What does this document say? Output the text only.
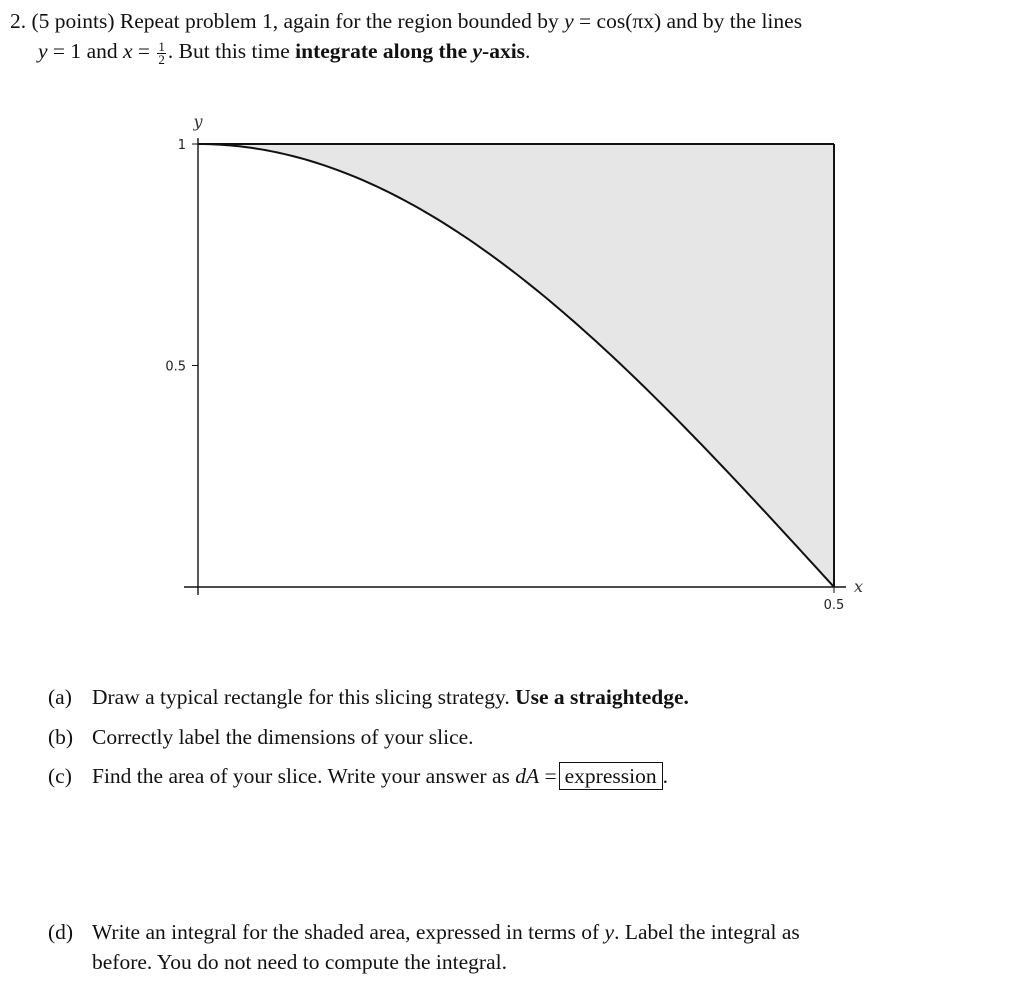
2. (5 points) Repeat problem 1, again for the region bounded by y = cos(πx) and by the lines
y = 1 and $x = \frac{1}{2}$ . But this time integrate along the y-axis.
1
0.5
0.5
y
x
(a) Draw a typical rectangle for this slicing strategy. Use a straightedge.
(b) Correctly label the dimensions of your slice.
(c) Find the area of your slice. Write your answer as dA = expression .
(d) Write an integral for the shaded area, expressed in terms of y. Label the integral as
before. You do not need to compute the integral.
